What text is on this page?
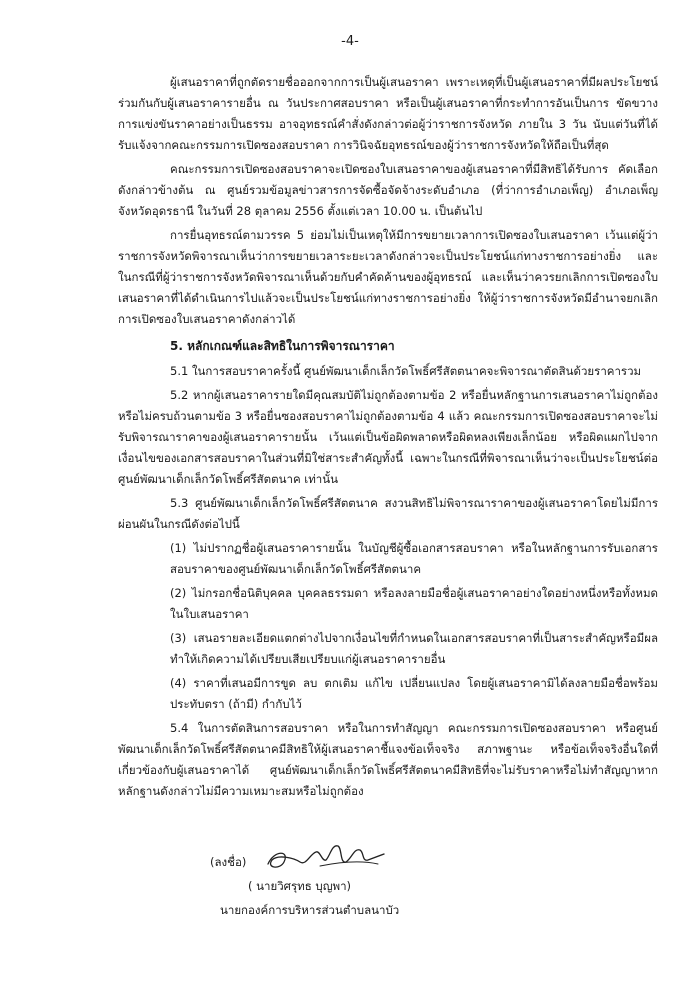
-4-

ผู้เสนอราคาที่ถูกตัดรายชื่อออกจากการเป็นผู้เสนอราคา เพราะเหตุที่เป็นผู้เสนอราคาที่มีผลประโยชน์ร่วมกันกับผู้เสนอราคารายอื่น ณ วันประกาศสอบราคา หรือเป็นผู้เสนอราคาที่กระทำการอันเป็นการ ขัดขวางการแข่งขันราคาอย่างเป็นธรรม อาจอุทธรณ์คำสั่งดังกล่าวต่อผู้ว่าราชการจังหวัด ภายใน 3 วัน นับแต่วันที่ได้รับแจ้งจากคณะกรรมการเปิดซองสอบราคา การวินิจฉัยอุทธรณ์ของผู้ว่าราชการจังหวัดให้ถือเป็นที่สุด

คณะกรรมการเปิดซองสอบราคาจะเปิดซองใบเสนอราคาของผู้เสนอราคาที่มีสิทธิได้รับการ คัดเลือกดังกล่าวข้างต้น ณ ศูนย์รวมข้อมูลข่าวสารการจัดซื้อจัดจ้างระดับอำเภอ (ที่ว่าการอำเภอเพ็ญ) อำเภอเพ็ญ จังหวัดอุดรธานี ในวันที่ 28 ตุลาคม 2556 ตั้งแต่เวลา 10.00 น. เป็นต้นไป

การยื่นอุทธรณ์ตามวรรค 5 ย่อมไม่เป็นเหตุให้มีการขยายเวลาการเปิดซองใบเสนอราคา เว้นแต่ผู้ว่าราชการจังหวัดพิจารณาเห็นว่าการขยายเวลาระยะเวลาดังกล่าวจะเป็นประโยชน์แก่ทางราชการอย่างยิ่ง และในกรณีที่ผู้ว่าราชการจังหวัดพิจารณาเห็นด้วยกับคำคัดค้านของผู้อุทธรณ์ และเห็นว่าควรยกเลิกการเปิดซองใบเสนอราคาที่ได้ดำเนินการไปแล้วจะเป็นประโยชน์แก่ทางราชการอย่างยิ่ง ให้ผู้ว่าราชการจังหวัดมีอำนาจยกเลิกการเปิดซองใบเสนอราคาดังกล่าวได้

5. หลักเกณฑ์และสิทธิในการพิจารณาราคา

5.1 ในการสอบราคาครั้งนี้ ศูนย์พัฒนาเด็กเล็กวัดโพธิ์ศรีสัตตนาคจะพิจารณาตัดสินด้วยราคารวม

5.2 หากผู้เสนอราคารายใดมีคุณสมบัติไม่ถูกต้องตามข้อ 2 หรือยื่นหลักฐานการเสนอราคาไม่ถูกต้องหรือไม่ครบถ้วนตามข้อ 3 หรือยื่นซองสอบราคาไม่ถูกต้องตามข้อ 4 แล้ว คณะกรรมการเปิดซองสอบราคาจะไม่รับพิจารณาราคาของผู้เสนอราคารายนั้น เว้นแต่เป็นข้อผิดพลาดหรือผิดหลงเพียงเล็กน้อย หรือผิดแผกไปจากเงื่อนไขของเอกสารสอบราคาในส่วนที่มิใช่สาระสำคัญทั้งนี้ เฉพาะในกรณีที่พิจารณาเห็นว่าจะเป็นประโยชน์ต่อศูนย์พัฒนาเด็กเล็กวัดโพธิ์ศรีสัตตนาค เท่านั้น

5.3 ศูนย์พัฒนาเด็กเล็กวัดโพธิ์ศรีสัตตนาค สงวนสิทธิไม่พิจารณาราคาของผู้เสนอราคาโดยไม่มีการผ่อนผันในกรณีดังต่อไปนี้

(1) ไม่ปรากฏชื่อผู้เสนอราคารายนั้น ในบัญชีผู้ซื้อเอกสารสอบราคา หรือในหลักฐานการรับเอกสารสอบราคาของศูนย์พัฒนาเด็กเล็กวัดโพธิ์ศรีสัตตนาค

(2) ไม่กรอกชื่อนิติบุคคล บุคคลธรรมดา หรือลงลายมือชื่อผู้เสนอราคาอย่างใดอย่างหนึ่งหรือทั้งหมดในใบเสนอราคา

(3) เสนอรายละเอียดแตกต่างไปจากเงื่อนไขที่กำหนดในเอกสารสอบราคาที่เป็นสาระสำคัญหรือมีผลทำให้เกิดความได้เปรียบเสียเปรียบแก่ผู้เสนอราคารายอื่น

(4) ราคาที่เสนอมีการขูด ลบ ตกเติม แก้ไข เปลี่ยนแปลง โดยผู้เสนอราคามิได้ลงลายมือชื่อพร้อมประทับตรา (ถ้ามี) กำกับไว้

5.4 ในการตัดสินการสอบราคา หรือในการทำสัญญา คณะกรรมการเปิดซองสอบราคา หรือศูนย์พัฒนาเด็กเล็กวัดโพธิ์ศรีสัตตนาคมีสิทธิให้ผู้เสนอราคาชี้แจงข้อเท็จจริง สภาพฐานะ หรือข้อเท็จจริงอื่นใดที่เกี่ยวข้องกับผู้เสนอราคาได้ ศูนย์พัฒนาเด็กเล็กวัดโพธิ์ศรีสัตตนาคมีสิทธิที่จะไม่รับราคาหรือไม่ทำสัญญาหากหลักฐานดังกล่าวไม่มีความเหมาะสมหรือไม่ถูกต้อง

(ลงชื่อ)
( นายวิศรุทธ บุญพา)
นายกองค์การบริหารส่วนตำบลนาบัว
